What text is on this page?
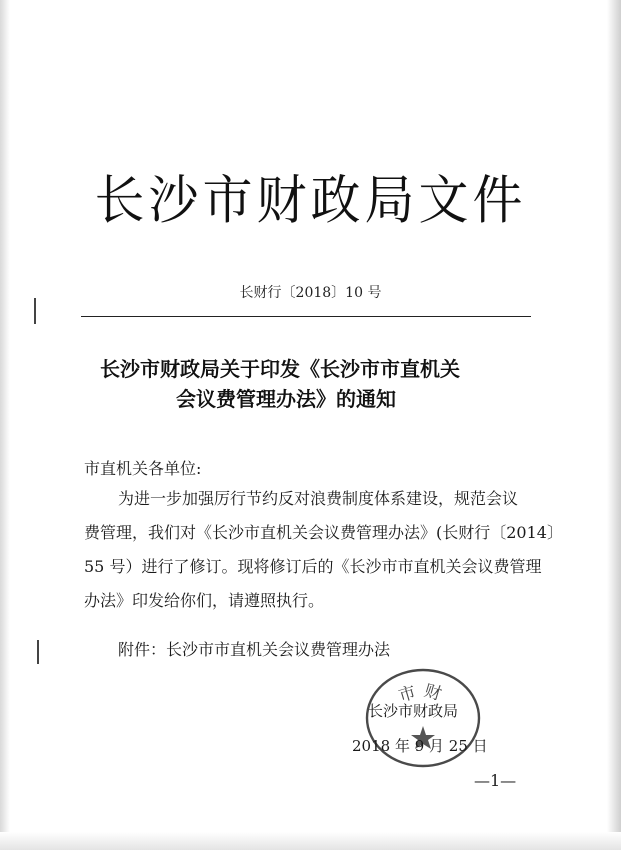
长沙市财政局文件
长财行〔2018〕10 号
长沙市财政局关于印发《长沙市市直机关
会议费管理办法》的通知
市直机关各单位:
为进一步加强厉行节约反对浪费制度体系建设，规范会议
费管理，我们对《长沙市直机关会议费管理办法》(长财行〔2014〕
55 号）进行了修订。现将修订后的《长沙市市直机关会议费管理
办法》印发给你们，请遵照执行。
附件：长沙市市直机关会议费管理办法
市财
长沙市财政局
2018 年 9 月 25 日
—1—
